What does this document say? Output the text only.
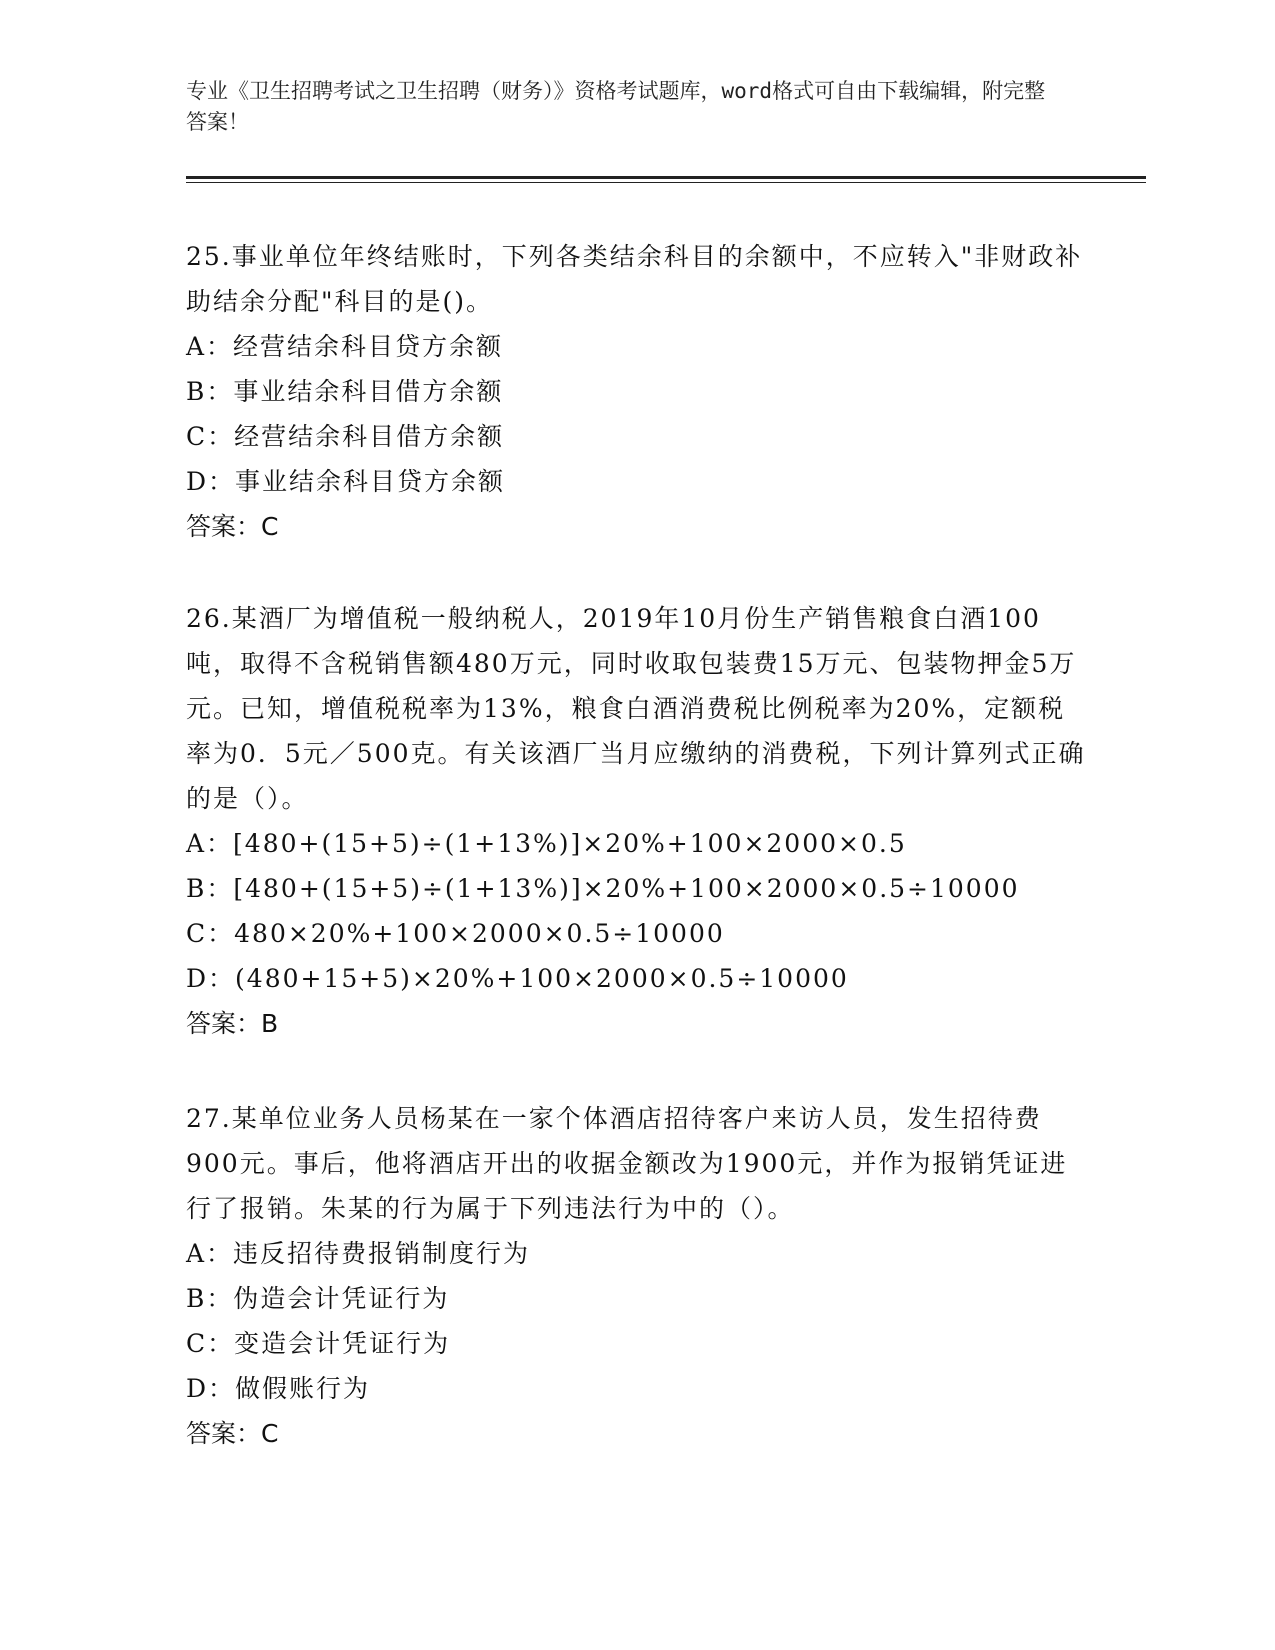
专业《卫生招聘考试之卫生招聘（财务）》资格考试题库，word格式可自由下载编辑，附完整答案！
25.事业单位年终结账时，下列各类结余科目的余额中，不应转入"非财政补助结余分配"科目的是()。
A：经营结余科目贷方余额
B：事业结余科目借方余额
C：经营结余科目借方余额
D：事业结余科目贷方余额
答案：C
26.某酒厂为增值税一般纳税人，2019年10月份生产销售粮食白酒100吨，取得不含税销售额480万元，同时收取包装费15万元、包装物押金5万元。已知，增值税税率为13%，粮食白酒消费税比例税率为20%，定额税率为0．5元／500克。有关该酒厂当月应缴纳的消费税，下列计算列式正确的是（）。
A：[480+(15+5)÷(1+13%)]×20%+100×2000×0.5
B：[480+(15+5)÷(1+13%)]×20%+100×2000×0.5÷10000
C：480×20%+100×2000×0.5÷10000
D：(480+15+5)×20%+100×2000×0.5÷10000
答案：B
27.某单位业务人员杨某在一家个体酒店招待客户来访人员，发生招待费900元。事后，他将酒店开出的收据金额改为1900元，并作为报销凭证进行了报销。朱某的行为属于下列违法行为中的（）。
A：违反招待费报销制度行为
B：伪造会计凭证行为
C：变造会计凭证行为
D：做假账行为
答案：C
